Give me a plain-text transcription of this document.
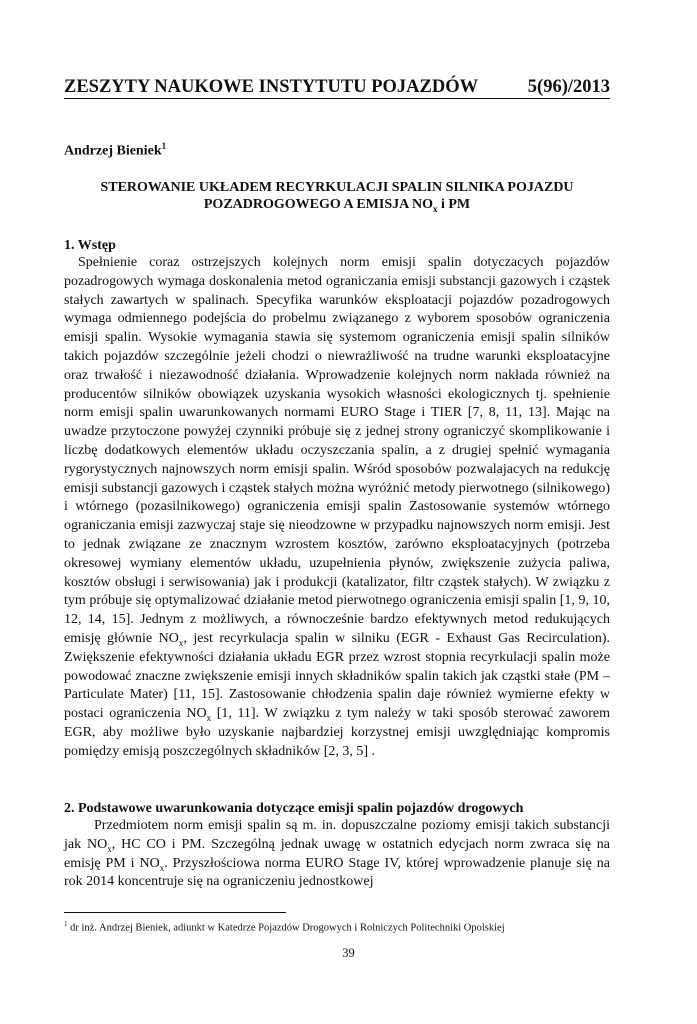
ZESZYTY NAUKOWE INSTYTUTU POJAZDÓW	5(96)/2013
Andrzej Bieniek$^1$
STEROWANIE UKŁADEM RECYRKULACJI SPALIN SILNIKA POJAZDU
POZADROGOWEGO A EMISJA $NO_x$ i PM
1. Wstęp

Spełnienie coraz ostrzejszych kolejnych norm emisji spalin dotyczacych pojazdów pozadrogowych wymaga doskonalenia metod ograniczania emisji substancji gazowych i cząstek stałych zawartych w spalinach. Specyfika warunków eksploatacji pojazdów pozadrogowych wymaga odmiennego podejścia do probelmu związanego z wyborem sposobów ograniczenia emisji spalin. Wysokie wymagania stawia się systemom ograniczenia emisji spalin silników takich pojazdów szczególnie jeżeli chodzi o niewrażliwość na trudne warunki eksploatacyjne oraz trwałość i niezawodność działania. Wprowadzenie kolejnych norm nakłada również na producentów silników obowiązek uzyskania wysokich własności ekologicznych tj. spełnienie norm emisji spalin uwarunkowanych normami EURO Stage i TIER [7, 8, 11, 13]. Mając na uwadze przytoczone powyżej czynniki próbuje się z jednej strony ograniczyć skomplikowanie i liczbę dodatkowych elementów układu oczyszczania spalin, a z drugiej spełnić wymagania rygorystycznych najnowszych norm emisji spalin. Wśród sposobów pozwalajacych na redukcję emisji substancji gazowych i cząstek stałych można wyróżnić metody pierwotnego (silnikowego) i wtórnego (pozasilnikowego) ograniczenia emisji spalin Zastosowanie systemów wtórnego ograniczania emisji zazwyczaj staje się nieodzowne w przypadku najnowszych norm emisji. Jest to jednak związane ze znacznym wzrostem kosztów, zarówno eksploatacyjnych (potrzeba okresowej wymiany elementów układu, uzupełnienia płynów, zwiększenie zużycia paliwa, kosztów obsługi i serwisowania) jak i produkcji (katalizator, filtr cząstek stałych). W związku z tym próbuje się optymalizować działanie metod pierwotnego ograniczenia emisji spalin [1, 9, 10, 12, 14, 15]. Jednym z możliwych, a równocześnie bardzo efektywnych metod redukujących emisję głównie $NO_x$, jest recyrkulacja spalin w silniku (EGR - Exhaust Gas Recirculation). Zwiększenie efektywności działania układu EGR przez wzrost stopnia recyrkulacji spalin może powodować znaczne zwiększenie emisji innych składników spalin takich jak cząstki stałe (PM – Particulate Mater) [11, 15]. Zastosowanie chłodzenia spalin daje również wymierne efekty w postaci ograniczenia $NO_x$ [1, 11]. W związku z tym należy w taki sposób sterować zaworem EGR, aby możliwe było uzyskanie najbardziej korzystnej emisji uwzględniając kompromis pomiędzy emisją poszczególnych składników [2, 3, 5] .

2. Podstawowe uwarunkowania dotyczące emisji spalin pojazdów drogowych

Przedmiotem norm emisji spalin są m. in. dopuszczalne poziomy emisji takich substancji jak $NO_x$, HC CO i PM. Szczególną jednak uwagę w ostatnich edycjach norm zwraca się na emisję PM i $NO_x$. Przyszłościowa norma EURO Stage IV, której wprowadzenie planuje się na rok 2014 koncentruje się na ograniczeniu jednostkowej

$^1$ dr inż. Andrzej Bieniek, adiunkt w Katedrze Pojazdów Drogowych i Rolniczych Politechniki Opolskiej
39
